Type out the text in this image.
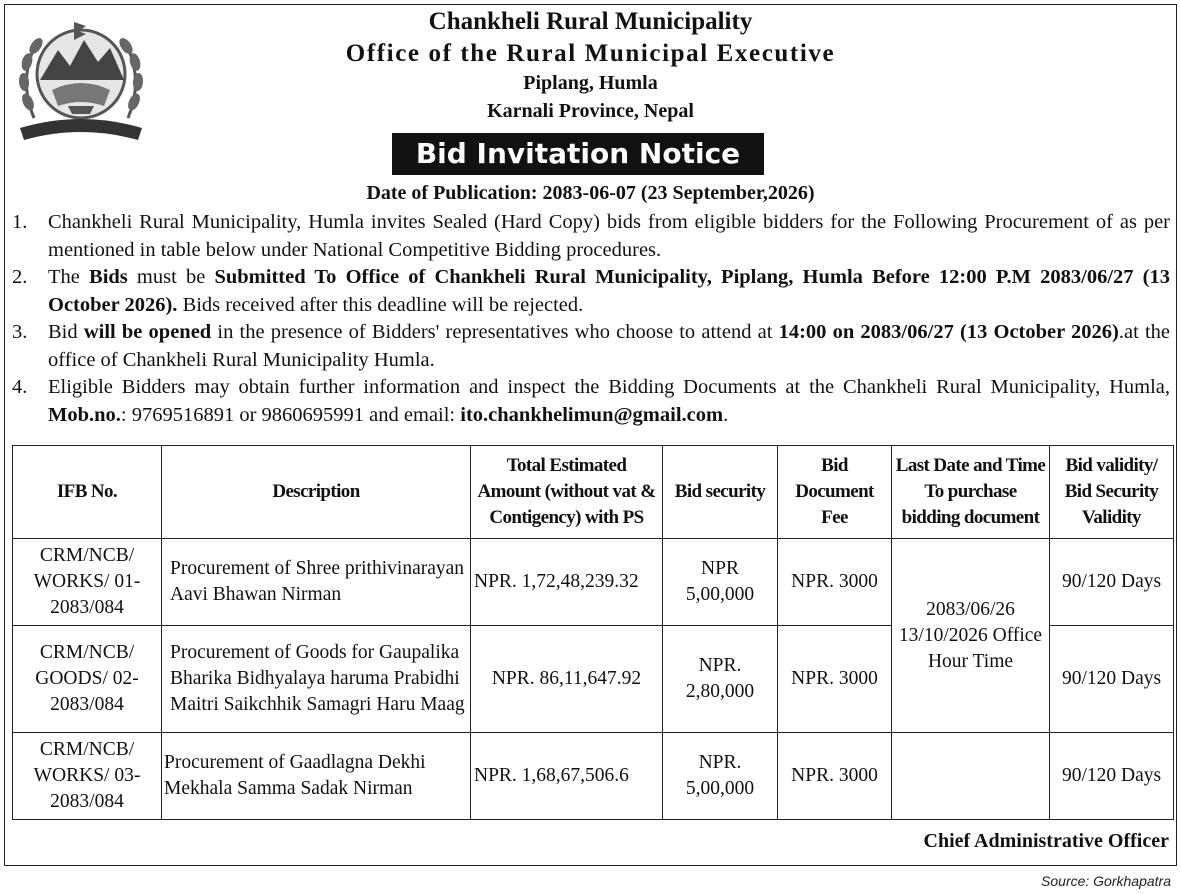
Chankheli Rural Municipality
Office of the Rural Municipal Executive
Piplang, Humla
Karnali Province, Nepal
Bid Invitation Notice
Date of Publication: 2083-06-07 (23 September,2026)
1.	Chankheli Rural Municipality, Humla invites Sealed (Hard Copy) bids from eligible bidders for the Following Procurement of as per mentioned in table below under National Competitive Bidding procedures.
2.	The Bids must be Submitted To Office of Chankheli Rural Municipality, Piplang, Humla Before 12:00 P.M 2083/06/27 (13 October 2026). Bids received after this deadline will be rejected.
3.	Bid will be opened in the presence of Bidders' representatives who choose to attend at 14:00 on 2083/06/27 (13 October 2026).at the office of Chankheli Rural Municipality Humla.
4.	Eligible Bidders may obtain further information and inspect the Bidding Documents at the Chankheli Rural Municipality, Humla, Mob.no.: 9769516891 or 9860695991 and email: ito.chankhelimun@gmail.com.
IFB No.	Description	Total Estimated Amount (without vat & Contigency) with PS	Bid security	Bid Document Fee	Last Date and Time To purchase bidding document	Bid validity/ Bid Security Validity
CRM/NCB/ WORKS/ 01-2083/084	Procurement of Shree prithivinarayan Aavi Bhawan Nirman	NPR. 1,72,48,239.32	NPR 5,00,000	NPR. 3000	2083/06/26 13/10/2026 Office Hour Time	90/120 Days
CRM/NCB/ GOODS/ 02-2083/084	Procurement of Goods for Gaupalika Bharika Bidhyalaya haruma Prabidhi Maitri Saikchhik Samagri Haru Maag	NPR. 86,11,647.92	NPR. 2,80,000	NPR. 3000		90/120 Days
CRM/NCB/ WORKS/ 03-2083/084	Procurement of Gaadlagna Dekhi Mekhala Samma Sadak Nirman	NPR. 1,68,67,506.6	NPR. 5,00,000	NPR. 3000		90/120 Days
Chief Administrative Officer
Source: Gorkhapatra
